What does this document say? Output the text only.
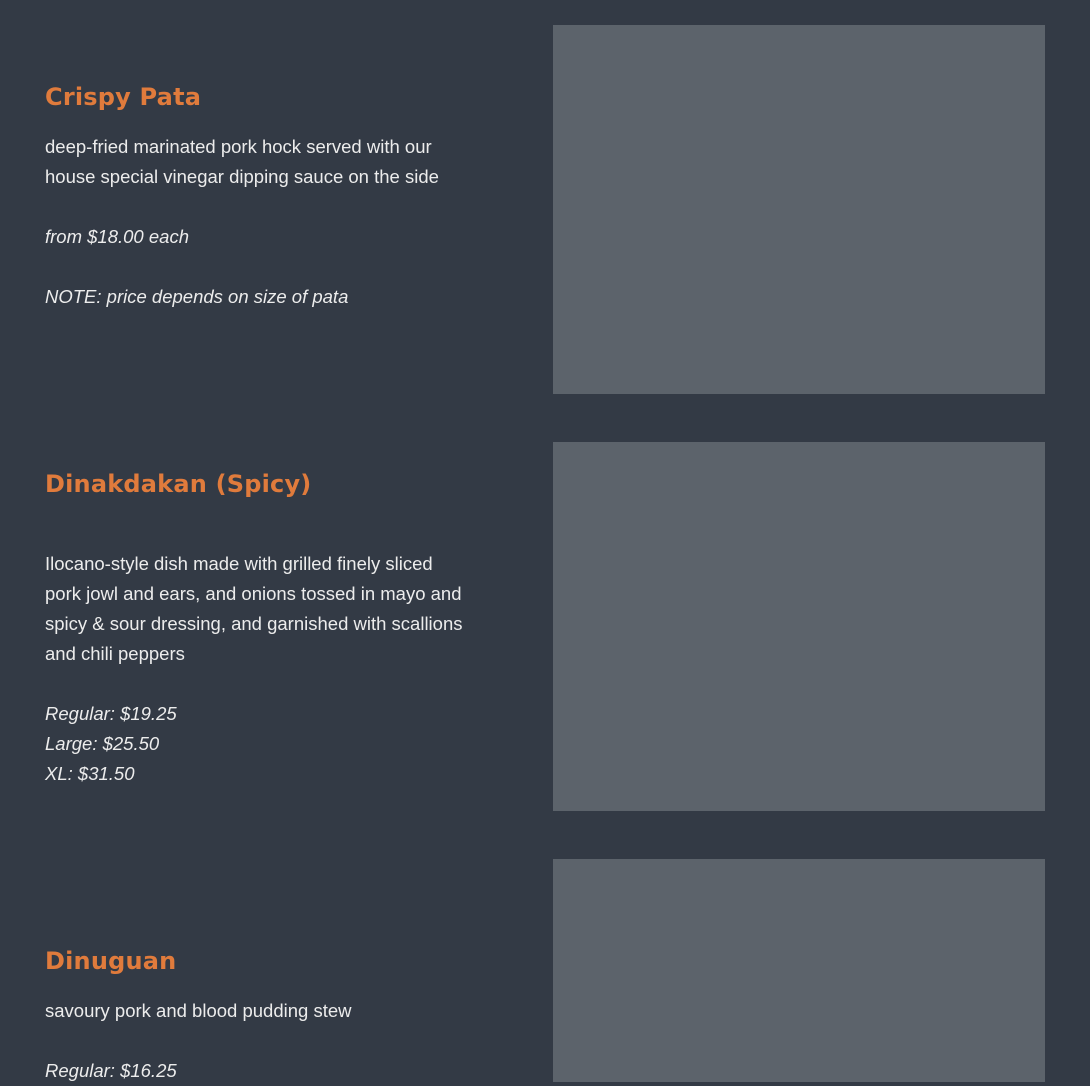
Crispy Pata

deep-fried marinated pork hock served with our house special vinegar dipping sauce on the side

from $18.00 each

NOTE: price depends on size of pata

Dinakdakan (Spicy)

Ilocano-style dish made with grilled finely sliced pork jowl and ears, and onions tossed in mayo and spicy & sour dressing, and garnished with scallions and chili peppers

Regular: $19.25

Large: $25.50

XL: $31.50

Dinuguan

savoury pork and blood pudding stew

Regular: $16.25
